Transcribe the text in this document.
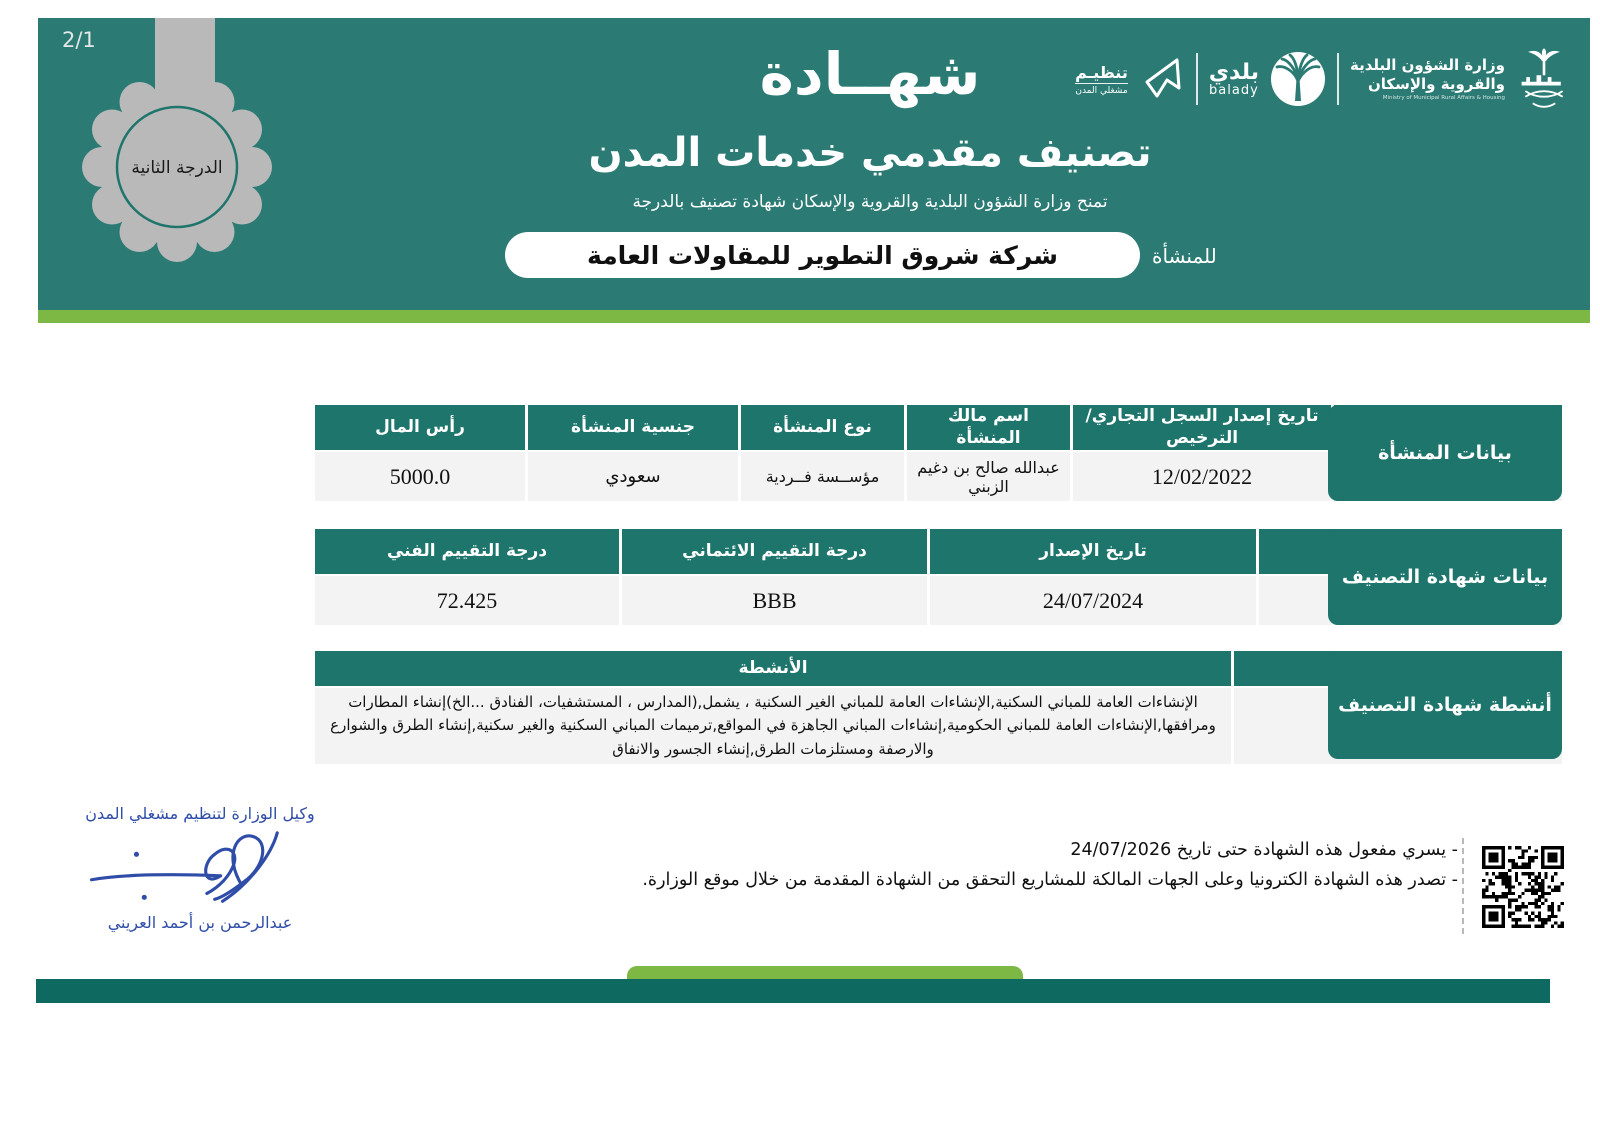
2/1
الدرجة الثانية
شهــادة
تصنيف مقدمي خدمات المدن
تمنح وزارة الشؤون البلدية والقروية والإسكان شهادة تصنيف بالدرجة
شركة شروق التطوير للمقاولات العامة	للمنشأة
تنظيـم
مشغلي المدن
بلدي
balady
وزارة الشؤون البلدية
والقروية والإسكان
Ministry of Municipal Rural Affairs & Housing
تاريخ إصدار السجل التجاري/ الترخيص
اسم مالك المنشأة
نوع المنشأة
جنسية المنشأة
رأس المال
12/02/2022
عبدالله صالح بن دغيم الزبني
مؤســسة فــردية
سعودي
5000.0
بيانات المنشأة
تاريخ الإصدار
درجة التقييم الائتماني
درجة التقييم الفني
24/07/2024
BBB
72.425
بيانات شهادة التصنيف
الأنشطة
الإنشاءات العامة للمباني السكنية,الإنشاءات العامة للمباني الغير السكنية ، يشمل,(المدارس ، المستشفيات، الفنادق ...الخ)إنشاء المطارات ومرافقها,الإنشاءات العامة للمباني الحكومية,إنشاءات المباني الجاهزة في المواقع,ترميمات المباني السكنية والغير سكنية,إنشاء الطرق والشوارع والارصفة ومستلزمات الطرق,إنشاء الجسور والانفاق
أنشطة شهادة التصنيف
وكيل الوزارة لتنظيم مشغلي المدن
عبدالرحمن بن أحمد العريني
- يسري مفعول هذه الشهادة حتى تاريخ 24/07/2026
- تصدر هذه الشهادة الكترونيا وعلى الجهات المالكة للمشاريع التحقق من الشهادة المقدمة من خلال موقع الوزارة.
